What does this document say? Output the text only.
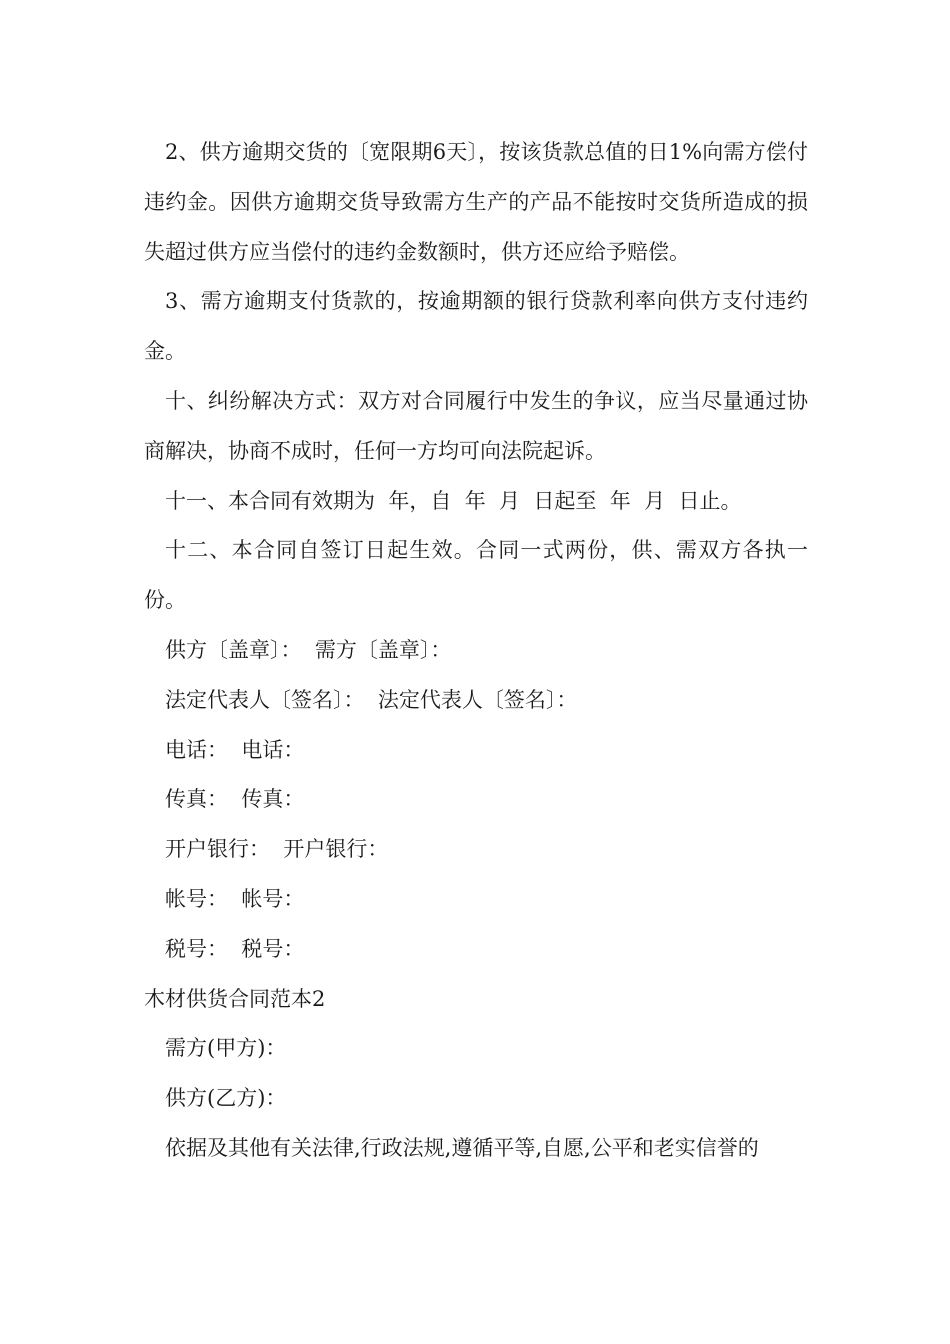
2、供方逾期交货的〔宽限期6天〕，按该货款总值的日1%向需方偿付违约金。因供方逾期交货导致需方生产的产品不能按时交货所造成的损失超过供方应当偿付的违约金数额时，供方还应给予赔偿。

3、需方逾期支付货款的，按逾期额的银行贷款利率向供方支付违约金。

十、纠纷解决方式：双方对合同履行中发生的争议，应当尽量通过协商解决，协商不成时，任何一方均可向法院起诉。

十一、本合同有效期为  年，自  年  月  日起至  年  月  日止。

十二、本合同自签订日起生效。合同一式两份，供、需双方各执一份。

供方〔盖章〕：  需方〔盖章〕：

法定代表人〔签名〕：  法定代表人〔签名〕：

电话：  电话：

传真：  传真：

开户银行：  开户银行：

帐号：  帐号：

税号：  税号：

木材供货合同范本2

需方(甲方)：

供方(乙方)：

依据及其他有关法律,行政法规,遵循平等,自愿,公平和老实信誉的
